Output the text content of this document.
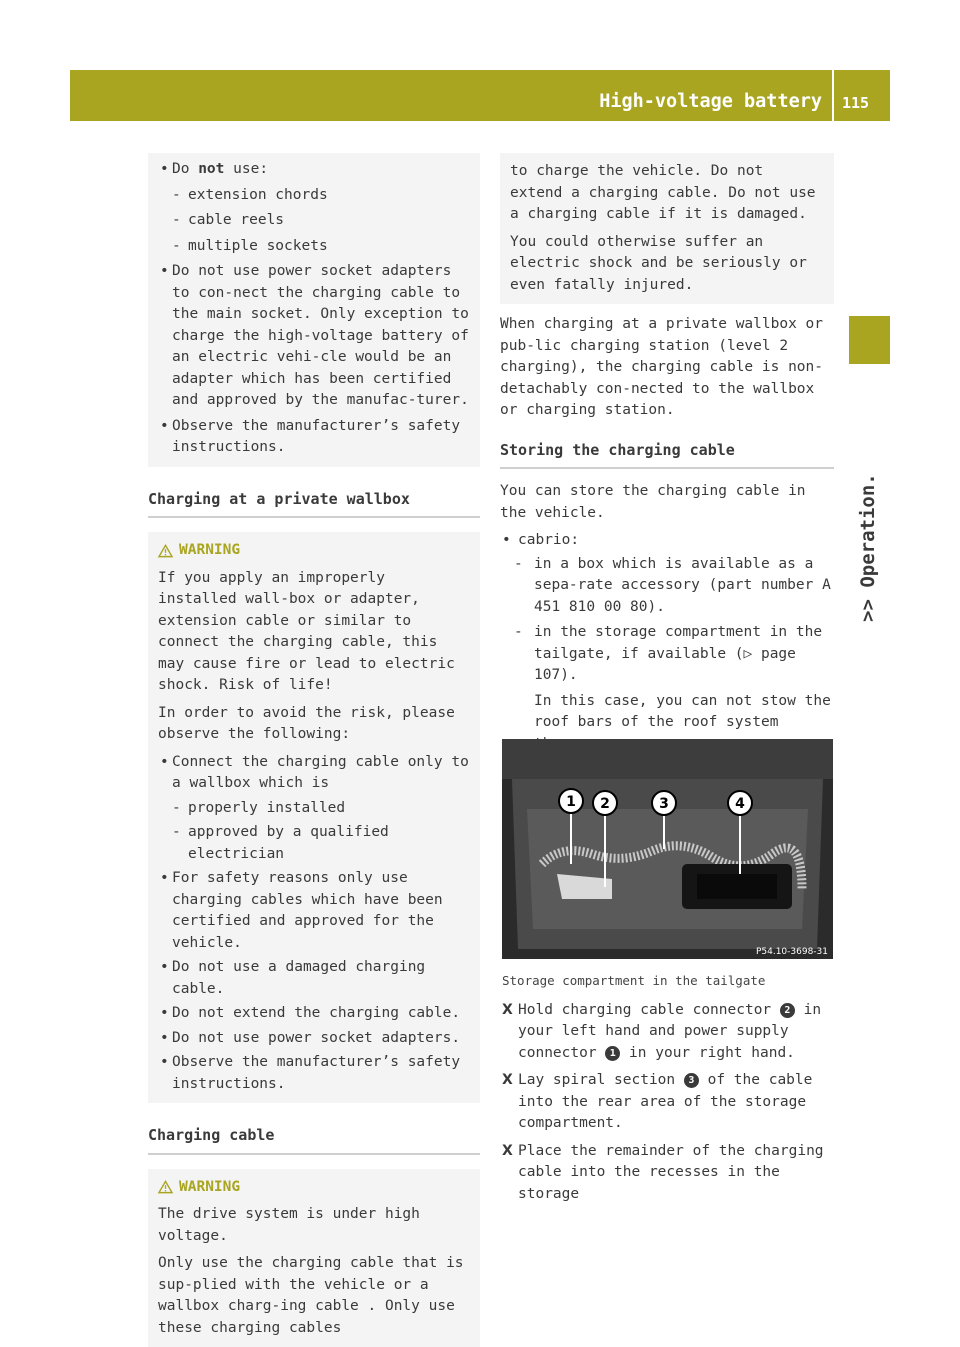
High-voltage battery 115
>> Operation.
• Do not use:
- extension chords
- cable reels
- multiple sockets
• Do not use power socket adapters to con-nect the charging cable to the main socket. Only exception to charge the high-voltage battery of an electric vehi-cle would be an adapter which has been certified and approved by the manufac-turer.
• Observe the manufacturer’s safety instructions.
Charging at a private wallbox
WARNING
If you apply an improperly installed wall-box or adapter, extension cable or similar to connect the charging cable, this may cause fire or lead to electric shock. Risk of life!
In order to avoid the risk, please observe the following:
• Connect the charging cable only to a wallbox which is
- properly installed
- approved by a qualified electrician
• For safety reasons only use charging cables which have been certified and approved for the vehicle.
• Do not use a damaged charging cable.
• Do not extend the charging cable.
• Do not use power socket adapters.
• Observe the manufacturer’s safety instructions.
Charging cable
WARNING
The drive system is under high voltage.
Only use the charging cable that is sup-plied with the vehicle or a wallbox charg-ing cable . Only use these charging cables
to charge the vehicle. Do not extend a charging cable. Do not use a charging cable if it is damaged.
You could otherwise suffer an electric shock and be seriously or even fatally injured.
When charging at a private wallbox or pub-lic charging station (level 2 charging), the charging cable is non-detachably con-nected to the wallbox or charging station.
Storing the charging cable
You can store the charging cable in the vehicle.
• cabrio:
- in a box which is available as a sepa-rate accessory (part number A 451 810 00 80).
- in the storage compartment in the tailgate, if available (▷ page 107).
In this case, you can not stow the roof bars of the roof system
•
1 2	3	4
P54.10-3698-31
Storage compartment in the tailgate
X Hold charging cable connector 2 in your left hand and power supply connector 1 in your right hand.
X Lay spiral section 3 of the cable into the rear area of the storage compartment.
X Place the remainder of the charging cable into the recesses in the storage
